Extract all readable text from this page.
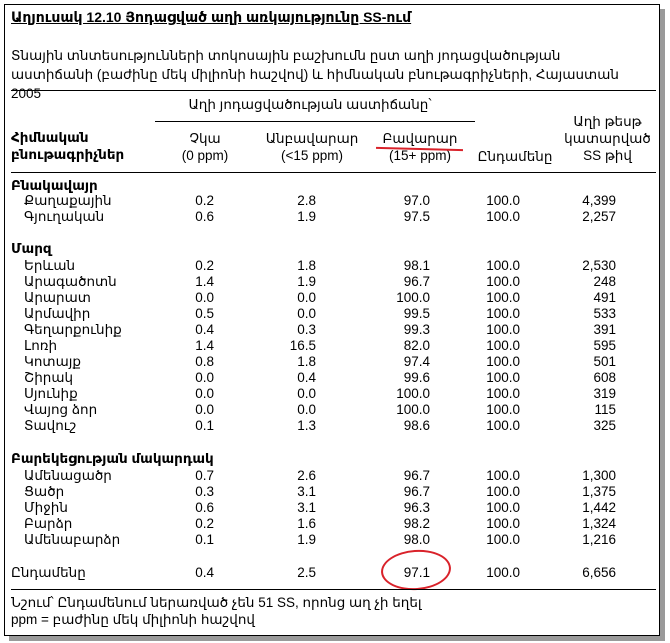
Աղյուսակ 12.10 Յոդացված աղի առկայությունը SS-ում
Տնային տնտեսությունների տոկոսային բաշխումն ըստ աղի յոդացվածության աստիճանի (բաժինը մեկ միլիոնի հաշվով) և հիմնական բնութագրիչների, Հայաստան 2005
Աղի յոդացվածության աստիճանը՝
Հիմնական
բնութագրիչներ
Չկա
(0 ppm)
Անբավարար
(<15 ppm)
Բավարար
(15+ ppm)	Ընդամենը
Աղի թեսթ
կատարված
SS թիվ
Բնակավայր
Քաղաքային	0.2	2.8	97.0	100.0	4,399
Գյուղական	0.6	1.9	97.5	100.0	2,257
Մարզ
Երևան	0.2	1.8	98.1	100.0	2,530
Արագածոտն	1.4	1.9	96.7	100.0	248
Արարատ	0.0	0.0	100.0	100.0	491
Արմավիր	0.5	0.0	99.5	100.0	533
Գեղարքունիք	0.4	0.3	99.3	100.0	391
Լոռի	1.4	16.5	82.0	100.0	595
Կոտայք	0.8	1.8	97.4	100.0	501
Շիրակ	0.0	0.4	99.6	100.0	608
Սյունիք	0.0	0.0	100.0	100.0	319
Վայոց ձոր	0.0	0.0	100.0	100.0	115
Տավուշ	0.1	1.3	98.6	100.0	325
Բարեկեցության մակարդակ
Ամենացածր	0.7	2.6	96.7	100.0	1,300
Ցածր	0.3	3.1	96.7	100.0	1,375
Միջին	0.6	3.1	96.3	100.0	1,442
Բարձր	0.2	1.6	98.2	100.0	1,324
Ամենաբարձր	0.1	1.9	98.0	100.0	1,216
Ընդամենը	0.4	2.5	97.1	100.0	6,656
Նշում՝ Ընդամենում ներառված չեն 51 SS, որոնց աղ չի եղել
ppm = բաժինը մեկ միլիոնի հաշվով
